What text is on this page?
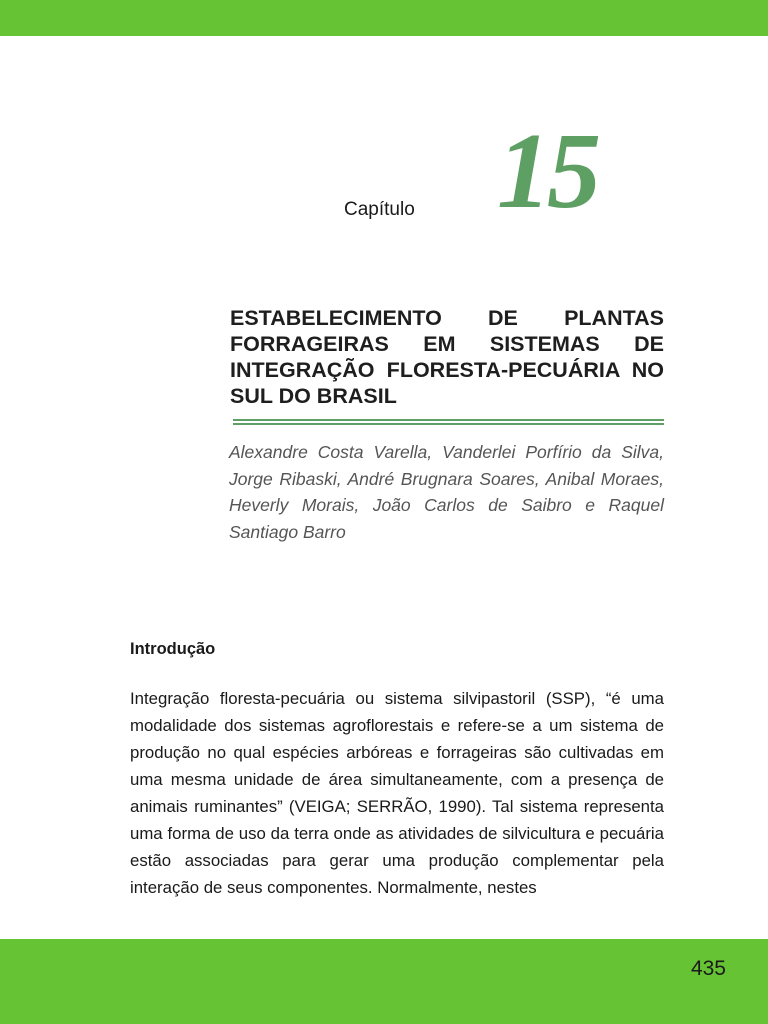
Capítulo 15
ESTABELECIMENTO DE PLANTAS FORRAGEIRAS EM SISTEMAS DE INTEGRAÇÃO FLORESTA-PECUÁRIA NO SUL DO BRASIL

Alexandre Costa Varella, Vanderlei Porfírio da Silva, Jorge Ribaski, André Brugnara Soares, Anibal Moraes, Heverly Morais, João Carlos de Saibro e Raquel Santiago Barro

Introdução

Integração floresta-pecuária ou sistema silvipastoril (SSP), “é uma modalidade dos sistemas agroflorestais e refere-se a um sistema de produção no qual espécies arbóreas e forrageiras são cultivadas em uma mesma unidade de área simultaneamente, com a presença de animais ruminantes” (VEIGA; SERRÃO, 1990). Tal sistema representa uma forma de uso da terra onde as atividades de silvicultura e pecuária estão associadas para gerar uma produção complementar pela interação de seus componentes. Normalmente, nestes

435
